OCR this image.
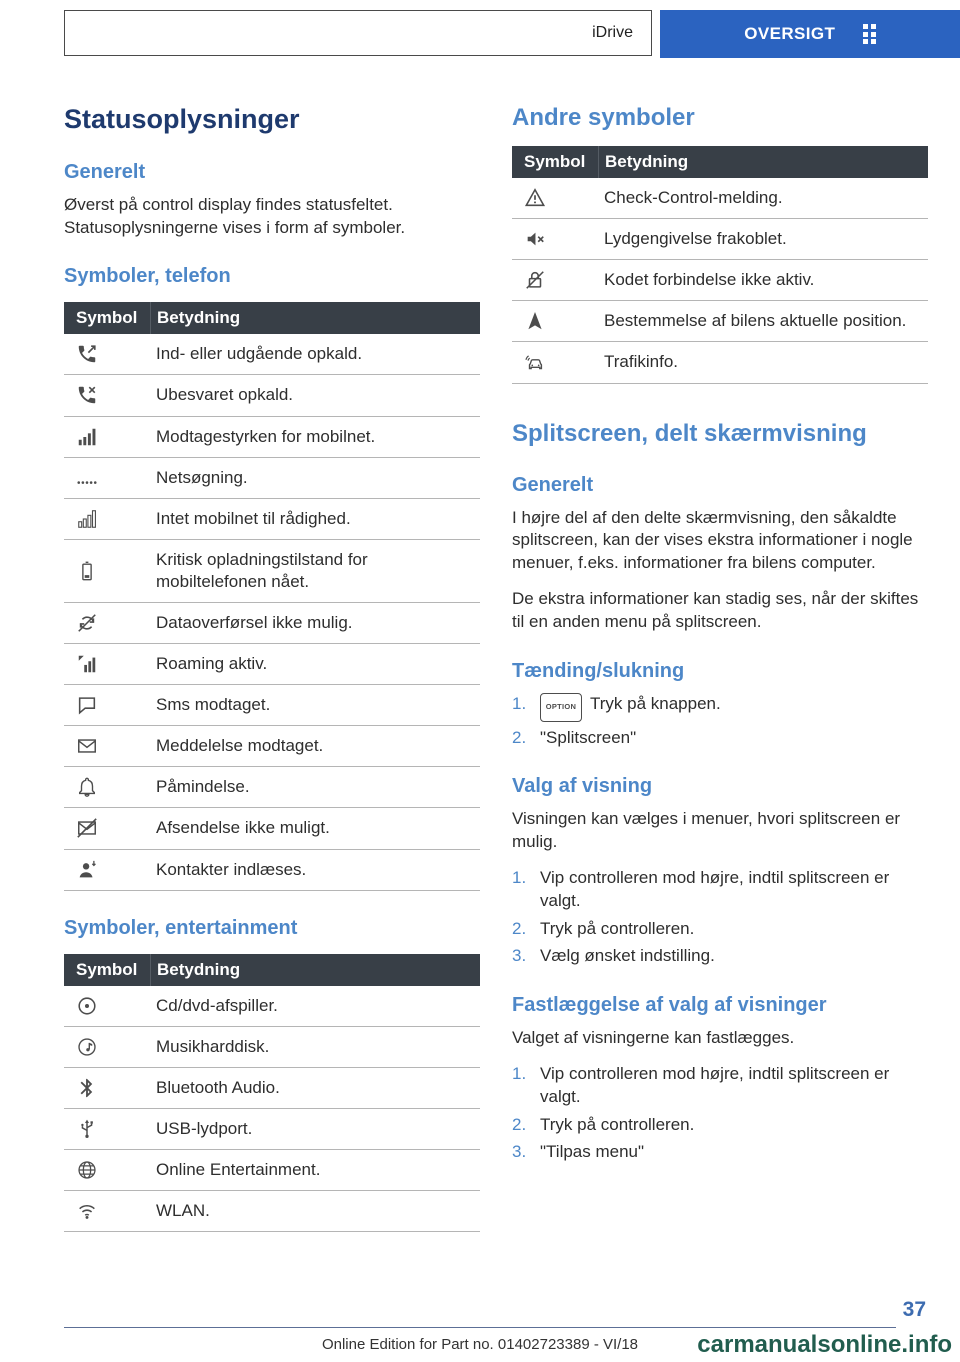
iDrive	OVERSIGT
Statusoplysninger
Generelt

Øverst på control display findes statusfeltet. Statusoplysningerne vises i form af symboler.

Symboler, telefon
Symbol	Betydning
Ind- eller udgående opkald.
Ubesvaret opkald.
Modtagestyrken for mobilnet.
Netsøgning.
Intet mobilnet til rådighed.
Kritisk opladningstilstand for mobiltelefonen nået.
Dataoverførsel ikke mulig.
Roaming aktiv.
Sms modtaget.
Meddelelse modtaget.
Påmindelse.
Afsendelse ikke muligt.
Kontakter indlæses.
Symboler, entertainment
Symbol	Betydning
Cd/dvd-afspiller.
Musikharddisk.
Bluetooth Audio.
USB-lydport.
Online Entertainment.
WLAN.
Andre symboler
Symbol	Betydning
Check-Control-melding.
Lydgengivelse frakoblet.
Kodet forbindelse ikke aktiv.
Bestemmelse af bilens aktuelle position.
Trafikinfo.
Splitscreen, delt skærmvisning
Generelt

I højre del af den delte skærmvisning, den såkaldte splitscreen, kan der vises ekstra informationer i nogle menuer, f.eks. informationer fra bilens computer.

De ekstra informationer kan stadig ses, når der skiftes til en anden menu på splitscreen.

Tænding/slukning
1.	OPTION Tryk på knappen.
2. "Splitscreen"
Valg af visning

Visningen kan vælges i menuer, hvori splitscreen er mulig.

1. Vip controlleren mod højre, indtil splitscreen er valgt.
2. Tryk på controlleren.
3. Vælg ønsket indstilling.
Fastlæggelse af valg af visninger

Valget af visningerne kan fastlægges.

1. Vip controlleren mod højre, indtil splitscreen er valgt.
2. Tryk på controlleren.
3. "Tilpas menu"
37
Online Edition for Part no. 01402723389 - VI/18	carmanualsonline.info
